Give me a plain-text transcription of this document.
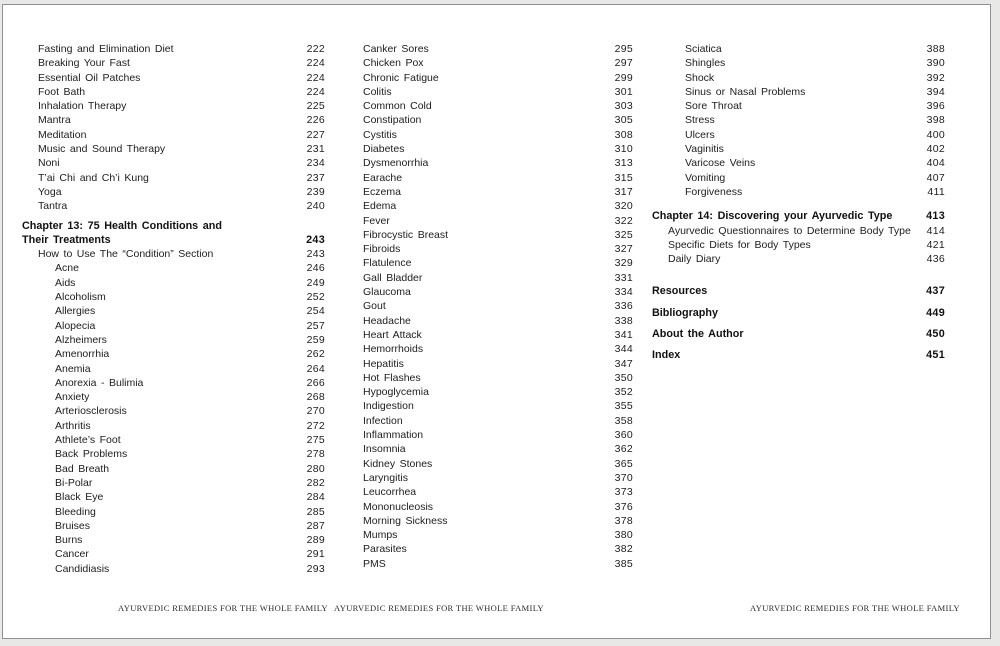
Fasting and Elimination Diet	222
Breaking Your Fast	224
Essential Oil Patches	224
Foot Bath	224
Inhalation Therapy	225
Mantra	226
Meditation	227
Music and Sound Therapy	231
Noni	234
T’ai Chi and Ch’i Kung	237
Yoga	239
Tantra	240
Chapter 13: 75 Health Conditions and
Their Treatments	243
How to Use The “Condition” Section	243
Acne	246
Aids	249
Alcoholism	252
Allergies	254
Alopecia	257
Alzheimers	259
Amenorrhia	262
Anemia	264
Anorexia - Bulimia	266
Anxiety	268
Arteriosclerosis	270
Arthritis	272
Athlete’s Foot	275
Back Problems	278
Bad Breath	280
Bi-Polar	282
Black Eye	284
Bleeding	285
Bruises	287
Burns	289
Cancer	291
Candidiasis	293
Canker Sores	295
Chicken Pox	297
Chronic Fatigue	299
Colitis	301
Common Cold	303
Constipation	305
Cystitis	308
Diabetes	310
Dysmenorrhia	313
Earache	315
Eczema	317
Edema	320
Fever	322
Fibrocystic Breast	325
Fibroids	327
Flatulence	329
Gall Bladder	331
Glaucoma	334
Gout	336
Headache	338
Heart Attack	341
Hemorrhoids	344
Hepatitis	347
Hot Flashes	350
Hypoglycemia	352
Indigestion	355
Infection	358
Inflammation	360
Insomnia	362
Kidney Stones	365
Laryngitis	370
Leucorrhea	373
Mononucleosis	376
Morning Sickness	378
Mumps	380
Parasites	382
PMS	385
Sciatica	388
Shingles	390
Shock	392
Sinus or Nasal Problems	394
Sore Throat	396
Stress	398
Ulcers	400
Vaginitis	402
Varicose Veins	404
Vomiting	407
Forgiveness	411
Chapter 14: Discovering your Ayurvedic Type	413
Ayurvedic Questionnaires to Determine Body Type	414
Specific Diets for Body Types	421
Daily Diary	436
Resources	437
Bibliography	449
About the Author	450
Index	451
AYURVEDIC REMEDIES FOR THE WHOLE FAMILY AYURVEDIC REMEDIES FOR THE WHOLE FAMILY	AYURVEDIC REMEDIES FOR THE WHOLE FAMILY
